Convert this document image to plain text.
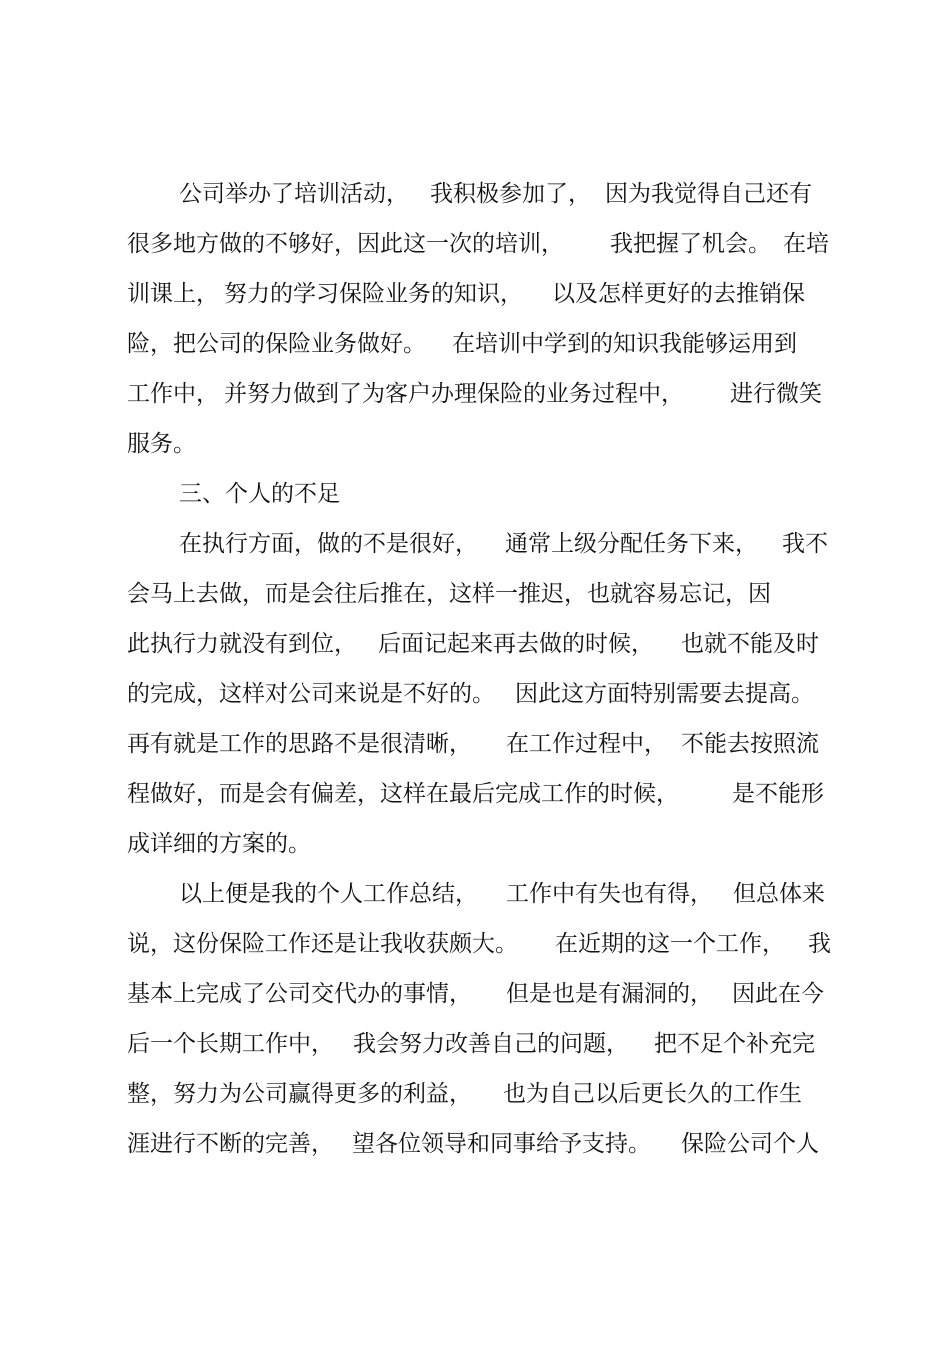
公司举办了培训活动， 我积极参加了， 因为我觉得自己还有
很多地方做的不够好，因此这一次的培训， 我把握了机会。 在培
训课上， 努力的学习保险业务的知识， 以及怎样更好的去推销保
险，把公司的保险业务做好。 在培训中学到的知识我能够运用到
工作中， 并努力做到了为客户办理保险的业务过程中， 进行微笑
服务。
三、个人的不足
在执行方面，做的不是很好， 通常上级分配任务下来， 我不
会马上去做，而是会往后推在，这样一推迟，也就容易忘记，因
此执行力就没有到位， 后面记起来再去做的时候， 也就不能及时
的完成，这样对公司来说是不好的。 因此这方面特别需要去提高。
再有就是工作的思路不是很清晰， 在工作过程中， 不能去按照流
程做好，而是会有偏差，这样在最后完成工作的时候， 是不能形
成详细的方案的。
以上便是我的个人工作总结， 工作中有失也有得， 但总体来
说，这份保险工作还是让我收获颇大。 在近期的这一个工作， 我
基本上完成了公司交代办的事情， 但是也是有漏洞的， 因此在今
后一个长期工作中， 我会努力改善自己的问题， 把不足个补充完
整，努力为公司赢得更多的利益， 也为自己以后更长久的工作生
涯进行不断的完善， 望各位领导和同事给予支持。 保险公司个人
